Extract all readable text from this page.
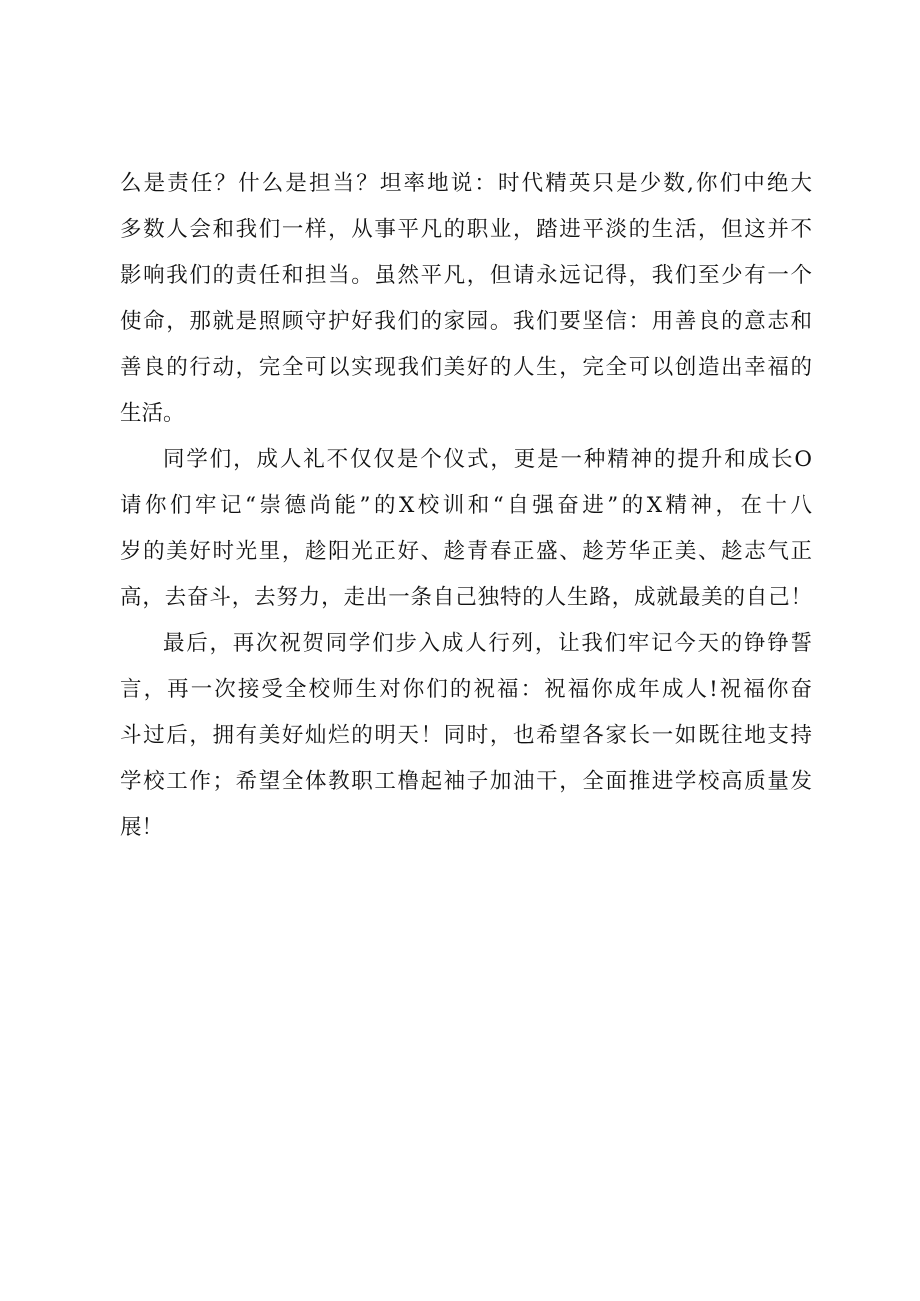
么是责任？什么是担当？坦率地说：时代精英只是少数,你们中绝大
多数人会和我们一样，从事平凡的职业，踏进平淡的生活，但这并不
影响我们的责任和担当。虽然平凡，但请永远记得，我们至少有一个
使命，那就是照顾守护好我们的家园。我们要坚信：用善良的意志和
善良的行动，完全可以实现我们美好的人生，完全可以创造出幸福的
生活。
同学们，成人礼不仅仅是个仪式，更是一种精神的提升和成长O
请你们牢记“崇德尚能”的X校训和“自强奋进”的X精神，在十八
岁的美好时光里，趁阳光正好、趁青春正盛、趁芳华正美、趁志气正
高，去奋斗，去努力，走出一条自己独特的人生路，成就最美的自己！
最后，再次祝贺同学们步入成人行列，让我们牢记今天的铮铮誓
言，再一次接受全校师生对你们的祝福：祝福你成年成人!祝福你奋
斗过后，拥有美好灿烂的明天！同时，也希望各家长一如既往地支持
学校工作；希望全体教职工橹起袖子加油干，全面推进学校高质量发
展！
